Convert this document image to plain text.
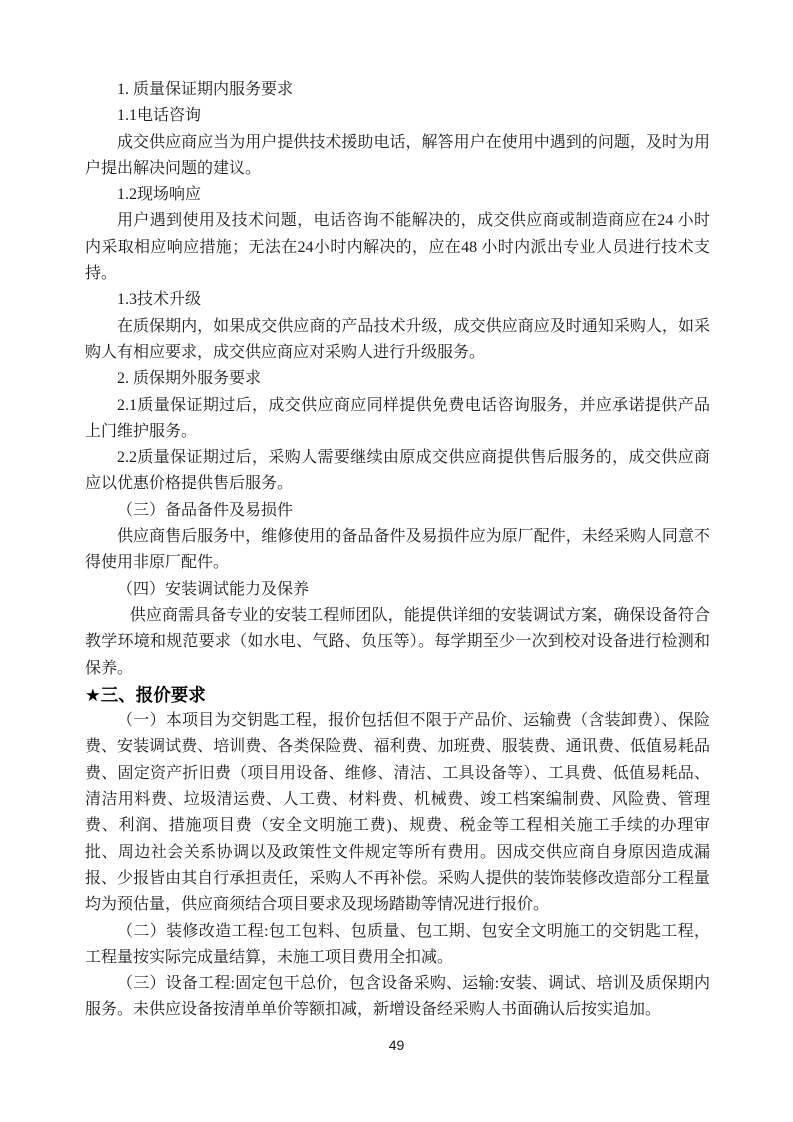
1. 质量保证期内服务要求

1.1电话咨询

成交供应商应当为用户提供技术援助电话，解答用户在使用中遇到的问题，及时为用户提出解决问题的建议。

1.2现场响应

用户遇到使用及技术问题，电话咨询不能解决的，成交供应商或制造商应在24 小时内采取相应响应措施；无法在24小时内解决的，应在48 小时内派出专业人员进行技术支持。

1.3技术升级

在质保期内，如果成交供应商的产品技术升级，成交供应商应及时通知采购人，如采购人有相应要求，成交供应商应对采购人进行升级服务。

2. 质保期外服务要求

2.1质量保证期过后，成交供应商应同样提供免费电话咨询服务，并应承诺提供产品上门维护服务。

2.2质量保证期过后，采购人需要继续由原成交供应商提供售后服务的，成交供应商应以优惠价格提供售后服务。

（三）备品备件及易损件

供应商售后服务中，维修使用的备品备件及易损件应为原厂配件，未经采购人同意不得使用非原厂配件。

（四）安装调试能力及保养

供应商需具备专业的安装工程师团队，能提供详细的安装调试方案，确保设备符合教学环境和规范要求（如水电、气路、负压等）。每学期至少一次到校对设备进行检测和保养。

★三、报价要求

（一）本项目为交钥匙工程，报价包括但不限于产品价、运输费（含装卸费）、保险费、安装调试费、培训费、各类保险费、福利费、加班费、服装费、通讯费、低值易耗品费、固定资产折旧费（项目用设备、维修、清洁、工具设备等）、工具费、低值易耗品、清洁用料费、垃圾清运费、人工费、材料费、机械费、竣工档案编制费、风险费、管理费、利润、措施项目费（安全文明施工费)、规费、税金等工程相关施工手续的办理审批、周边社会关系协调以及政策性文件规定等所有费用。因成交供应商自身原因造成漏报、少报皆由其自行承担责任，采购人不再补偿。采购人提供的装饰装修改造部分工程量均为预估量，供应商须结合项目要求及现场踏勘等情况进行报价。

（二）装修改造工程:包工包料、包质量、包工期、包安全文明施工的交钥匙工程，工程量按实际完成量结算，未施工项目费用全扣减。

（三）设备工程:固定包干总价，包含设备采购、运输:安装、调试、培训及质保期内服务。未供应设备按清单单价等额扣减，新增设备经采购人书面确认后按实追加。

49
